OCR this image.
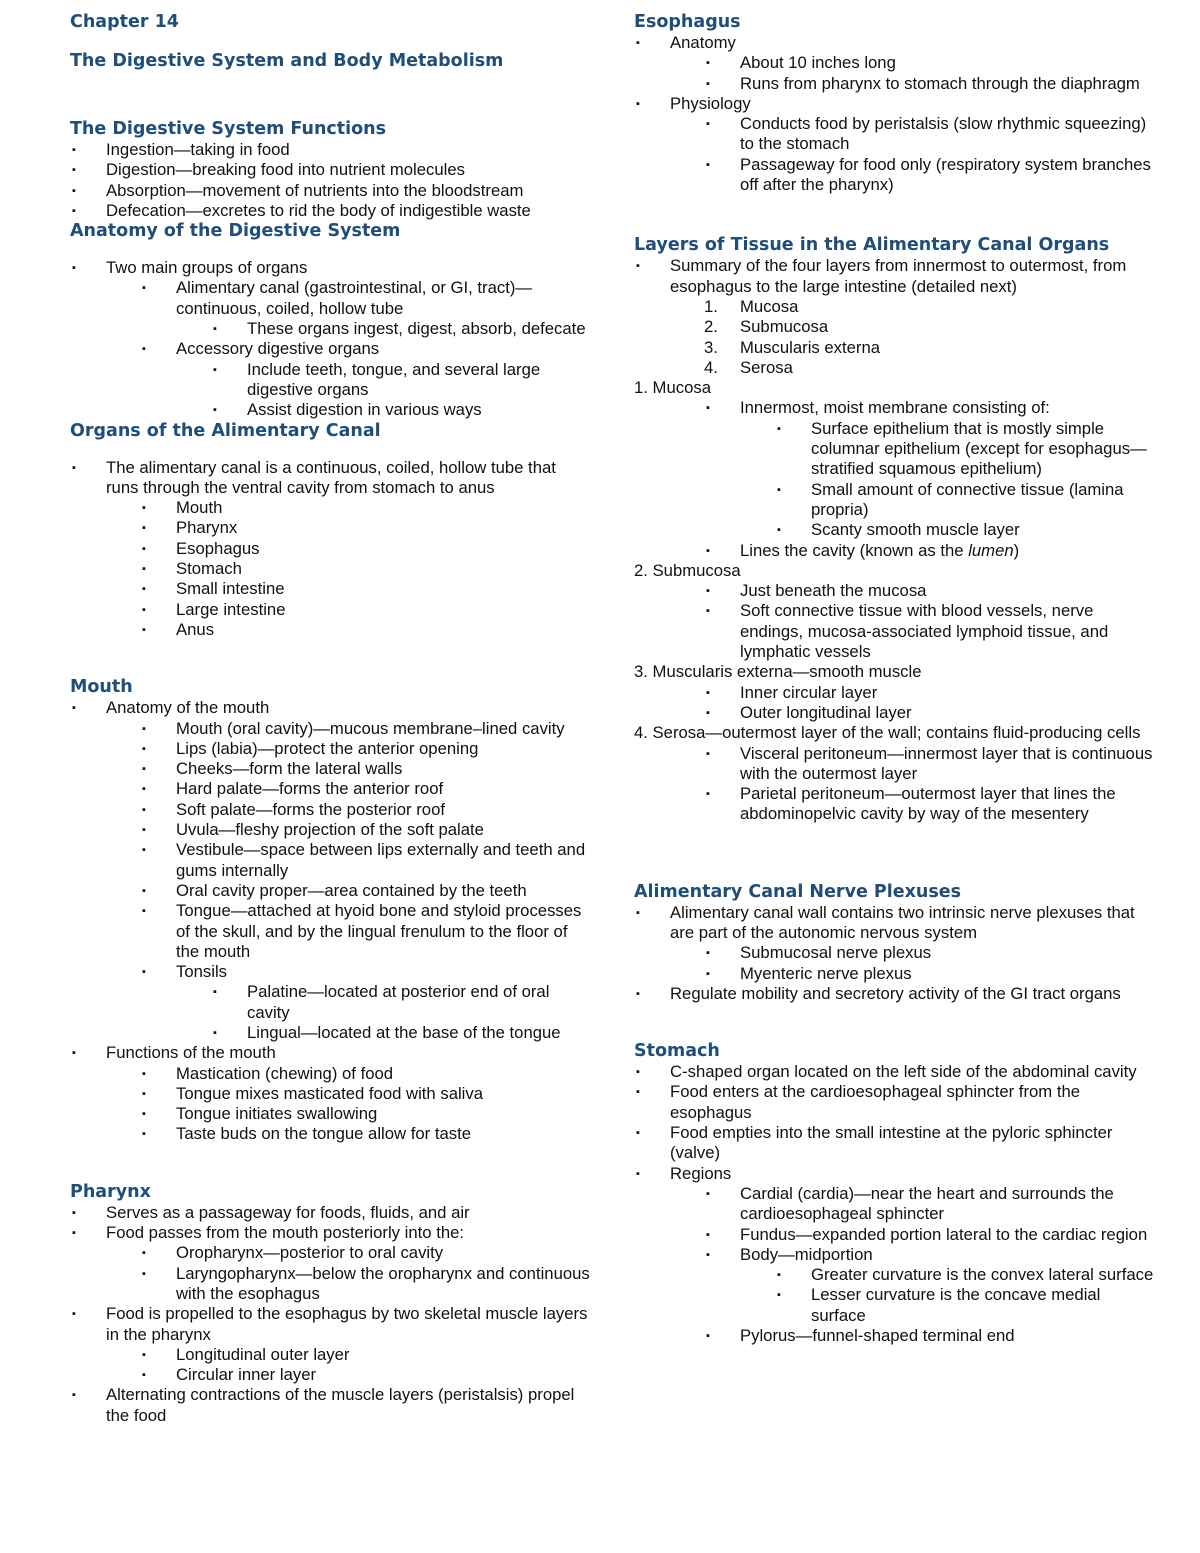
Chapter 14
The Digestive System and Body Metabolism
The Digestive System Functions
▪ Ingestion—taking in food
▪ Digestion—breaking food into nutrient molecules
▪ Absorption—movement of nutrients into the bloodstream
▪ Defecation—excretes to rid the body of indigestible waste
Anatomy of the Digestive System
▪ Two main groups of organs
▪ Alimentary canal (gastrointestinal, or GI, tract)—continuous, coiled, hollow tube
▪ These organs ingest, digest, absorb, defecate
▪ Accessory digestive organs
▪ Include teeth, tongue, and several large digestive organs
▪ Assist digestion in various ways
Organs of the Alimentary Canal
▪ The alimentary canal is a continuous, coiled, hollow tube that runs through the ventral cavity from stomach to anus
▪ Mouth
▪ Pharynx
▪ Esophagus
▪ Stomach
▪ Small intestine
▪ Large intestine
▪ Anus
Mouth
▪ Anatomy of the mouth
▪ Mouth (oral cavity)—mucous membrane–lined cavity
▪ Lips (labia)—protect the anterior opening
▪ Cheeks—form the lateral walls
▪ Hard palate—forms the anterior roof
▪ Soft palate—forms the posterior roof
▪ Uvula—fleshy projection of the soft palate
▪ Vestibule—space between lips externally and teeth and gums internally
▪ Oral cavity proper—area contained by the teeth
▪ Tongue—attached at hyoid bone and styloid processes of the skull, and by the lingual frenulum to the floor of the mouth
▪ Tonsils
▪ Palatine—located at posterior end of oral cavity
▪ Lingual—located at the base of the tongue
▪ Functions of the mouth
▪ Mastication (chewing) of food
▪ Tongue mixes masticated food with saliva
▪ Tongue initiates swallowing
▪ Taste buds on the tongue allow for taste
Pharynx
▪ Serves as a passageway for foods, fluids, and air
▪ Food passes from the mouth posteriorly into the:
▪ Oropharynx—posterior to oral cavity
▪ Laryngopharynx—below the oropharynx and continuous with the esophagus
▪ Food is propelled to the esophagus by two skeletal muscle layers in the pharynx
▪ Longitudinal outer layer
▪ Circular inner layer
▪ Alternating contractions of the muscle layers (peristalsis) propel the food
Esophagus
▪ Anatomy
▪ About 10 inches long
▪ Runs from pharynx to stomach through the diaphragm
▪ Physiology
▪ Conducts food by peristalsis (slow rhythmic squeezing) to the stomach
▪ Passageway for food only (respiratory system branches off after the pharynx)
Layers of Tissue in the Alimentary Canal Organs
▪ Summary of the four layers from innermost to outermost, from esophagus to the large intestine (detailed next)
1. Mucosa
2. Submucosa
3. Muscularis externa
4. Serosa
1. Mucosa
▪ Innermost, moist membrane consisting of:
▪ Surface epithelium that is mostly simple columnar epithelium (except for esophagus—stratified squamous epithelium)
▪ Small amount of connective tissue (lamina propria)
▪ Scanty smooth muscle layer
▪ Lines the cavity (known as the lumen)
2. Submucosa
▪ Just beneath the mucosa
▪ Soft connective tissue with blood vessels, nerve endings, mucosa-associated lymphoid tissue, and lymphatic vessels
3. Muscularis externa—smooth muscle
▪ Inner circular layer
▪ Outer longitudinal layer
4. Serosa—outermost layer of the wall; contains fluid-producing cells
▪ Visceral peritoneum—innermost layer that is continuous with the outermost layer
▪ Parietal peritoneum—outermost layer that lines the abdominopelvic cavity by way of the mesentery
Alimentary Canal Nerve Plexuses
▪ Alimentary canal wall contains two intrinsic nerve plexuses that are part of the autonomic nervous system
▪ Submucosal nerve plexus
▪ Myenteric nerve plexus
▪ Regulate mobility and secretory activity of the GI tract organs
Stomach
▪ C-shaped organ located on the left side of the abdominal cavity
▪ Food enters at the cardioesophageal sphincter from the esophagus
▪ Food empties into the small intestine at the pyloric sphincter (valve)
▪ Regions
▪ Cardial (cardia)—near the heart and surrounds the cardioesophageal sphincter
▪ Fundus—expanded portion lateral to the cardiac region
▪ Body—midportion
▪ Greater curvature is the convex lateral surface
▪ Lesser curvature is the concave medial surface
▪ Pylorus—funnel-shaped terminal end
